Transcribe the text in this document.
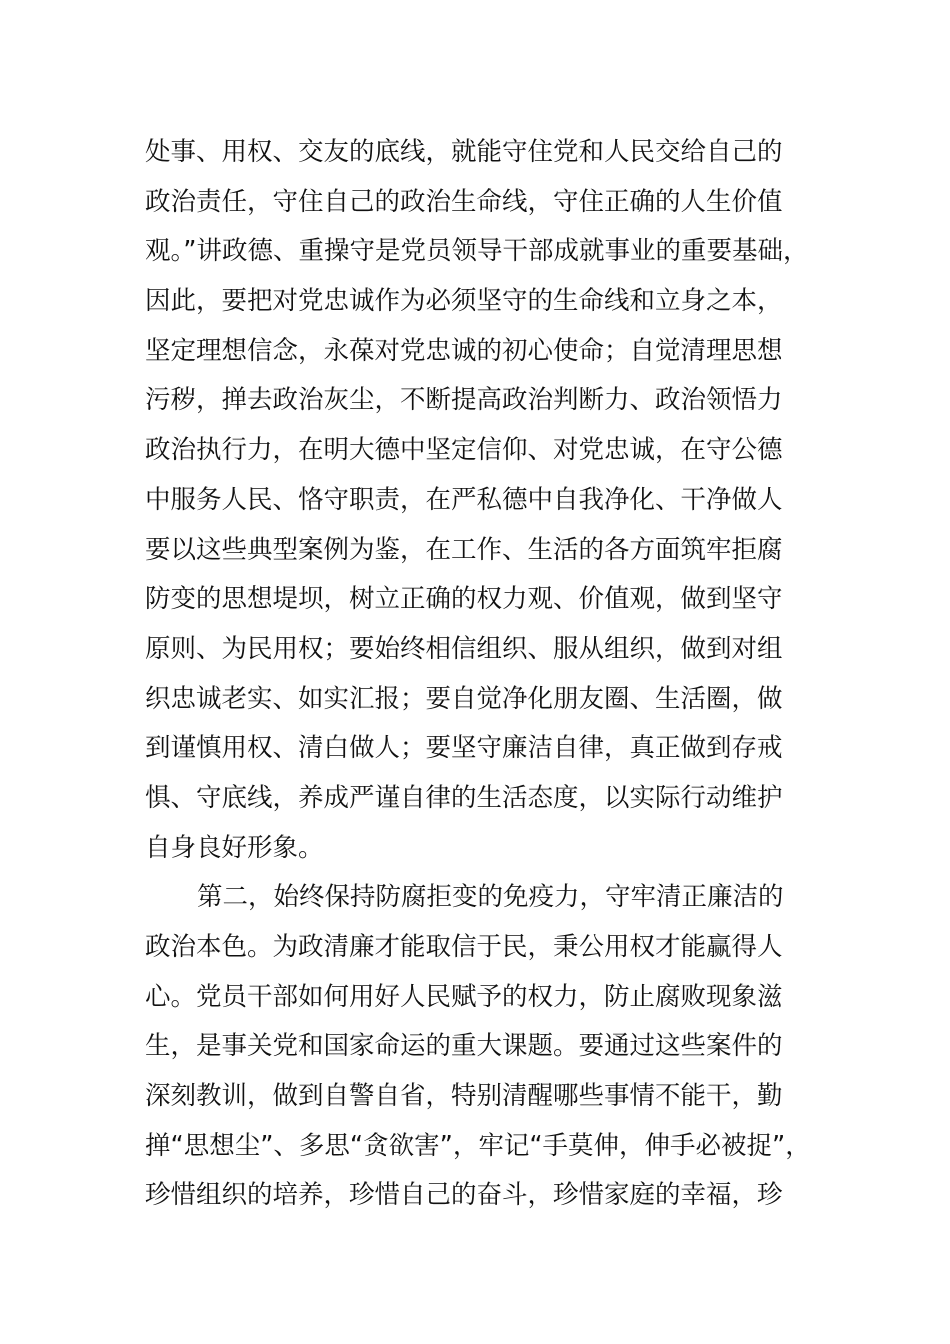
处事、用权、交友的底线，就能守住党和人民交给自己的
政治责任，守住自己的政治生命线，守住正确的人生价值
观。”讲政德、重操守是党员领导干部成就事业的重要基础，
因此，要把对党忠诚作为必须坚守的生命线和立身之本，
坚定理想信念，永葆对党忠诚的初心使命；自觉清理思想
污秽，掸去政治灰尘，不断提高政治判断力、政治领悟力
政治执行力，在明大德中坚定信仰、对党忠诚，在守公德
中服务人民、恪守职责，在严私德中自我净化、干净做人
要以这些典型案例为鉴，在工作、生活的各方面筑牢拒腐
防变的思想堤坝，树立正确的权力观、价值观，做到坚守
原则、为民用权；要始终相信组织、服从组织，做到对组
织忠诚老实、如实汇报；要自觉净化朋友圈、生活圈，做
到谨慎用权、清白做人；要坚守廉洁自律，真正做到存戒
惧、守底线，养成严谨自律的生活态度，以实际行动维护
自身良好形象。
第二，始终保持防腐拒变的免疫力，守牢清正廉洁的
政治本色。为政清廉才能取信于民，秉公用权才能赢得人
心。党员干部如何用好人民赋予的权力，防止腐败现象滋
生，是事关党和国家命运的重大课题。要通过这些案件的
深刻教训，做到自警自省，特别清醒哪些事情不能干，勤
掸“思想尘”、多思“贪欲害”，牢记“手莫伸，伸手必被捉”，
珍惜组织的培养，珍惜自己的奋斗，珍惜家庭的幸福，珍
